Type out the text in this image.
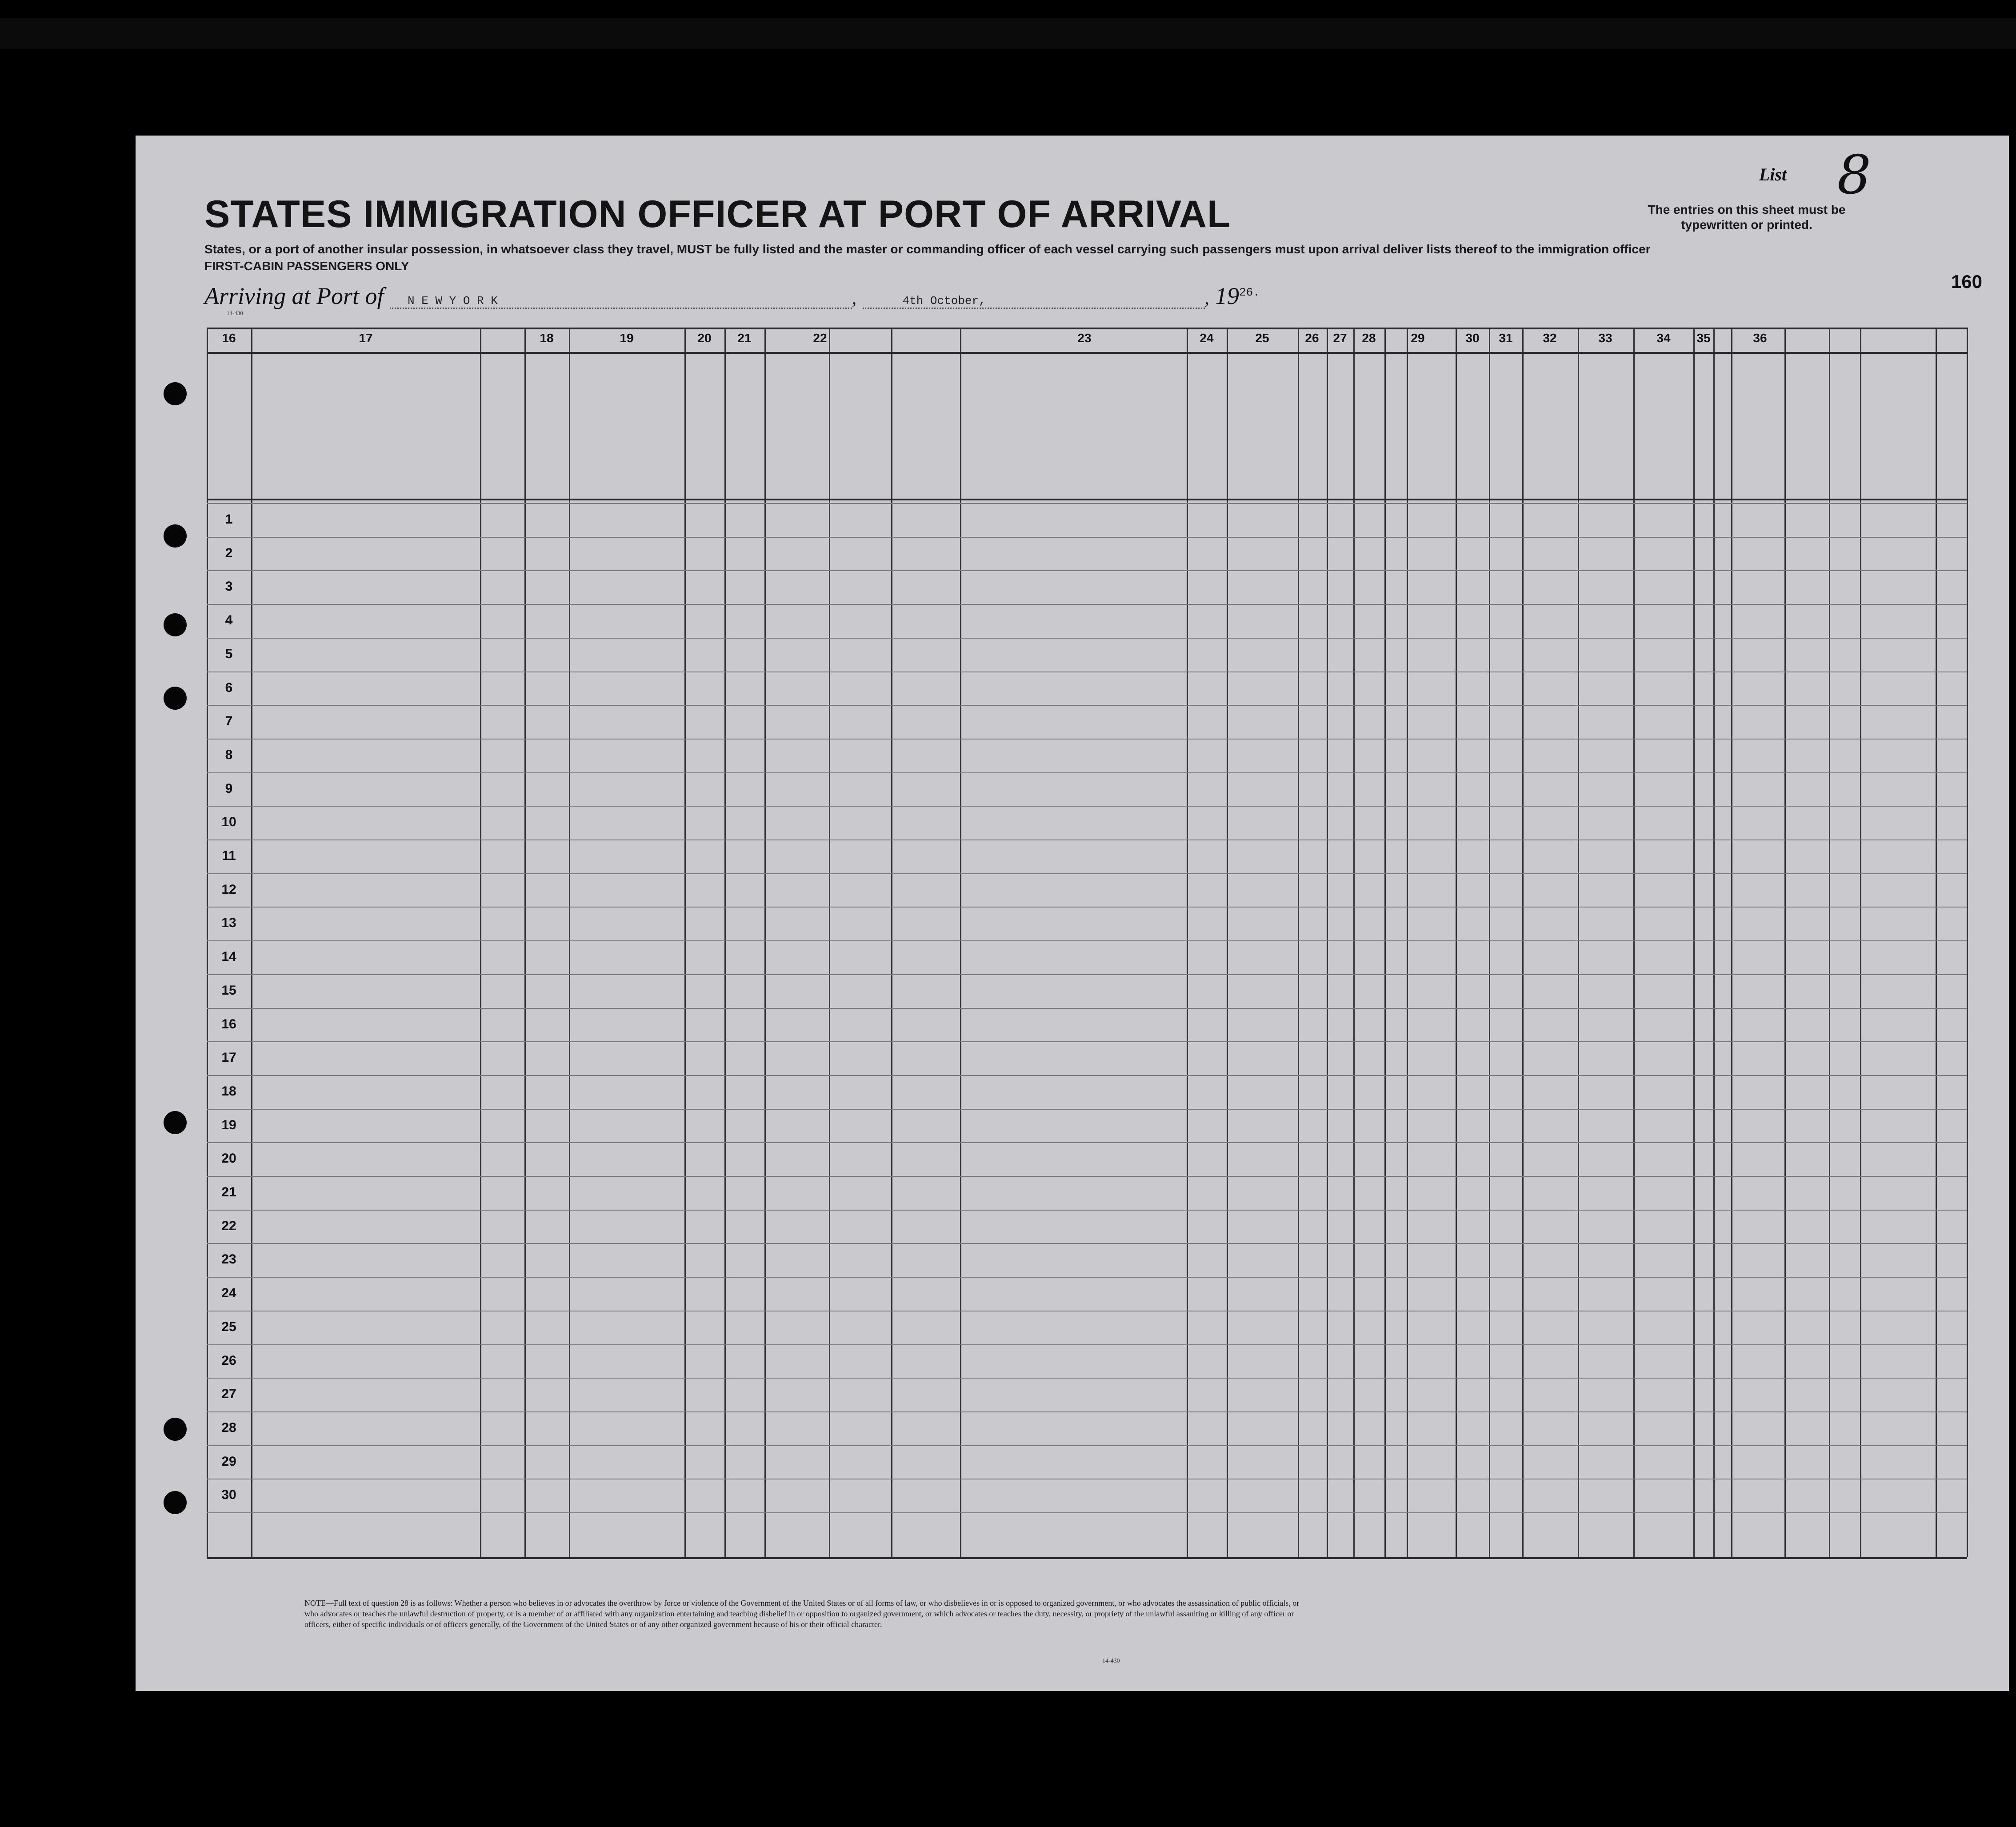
STATES IMMIGRATION OFFICER AT PORT OF ARRIVAL
States, or a port of another insular possession, in whatsoever class they travel, MUST be fully listed and the master or commanding officer of each vessel carrying such passengers must upon arrival deliver lists thereof to the immigration officer
FIRST-CABIN PASSENGERS ONLY
List 8
The entries on this sheet must be typewritten or printed.
160
Arriving at Port of N E W Y O R K	,	4th October,	, $19^{26.}$
14-430
16	17	18	19	20	21	22	23	24	25	26	27	28	29	30	31	32	33	34	35	36
1
2
3
4
5
6
7
8
9
10
11
12
13
14
15
16
17
18
19
20
21
22
23
24
25
26
27
28
29
30
NOTE—Full text of question 28 is as follows: Whether a person who believes in or advocates the overthrow by force or violence of the Government of the United States or of all forms of law, or who disbelieves in or is opposed to organized government, or who advocates the assassination of public officials, or who advocates or teaches the unlawful destruction of property, or is a member of or affiliated with any organization entertaining and teaching disbelief in or opposition to organized government, or which advocates or teaches the duty, necessity, or propriety of the unlawful assaulting or killing of any officer or officers, either of specific individuals or of officers generally, of the Government of the United States or of any other organized government because of his or their official character.
14-430
